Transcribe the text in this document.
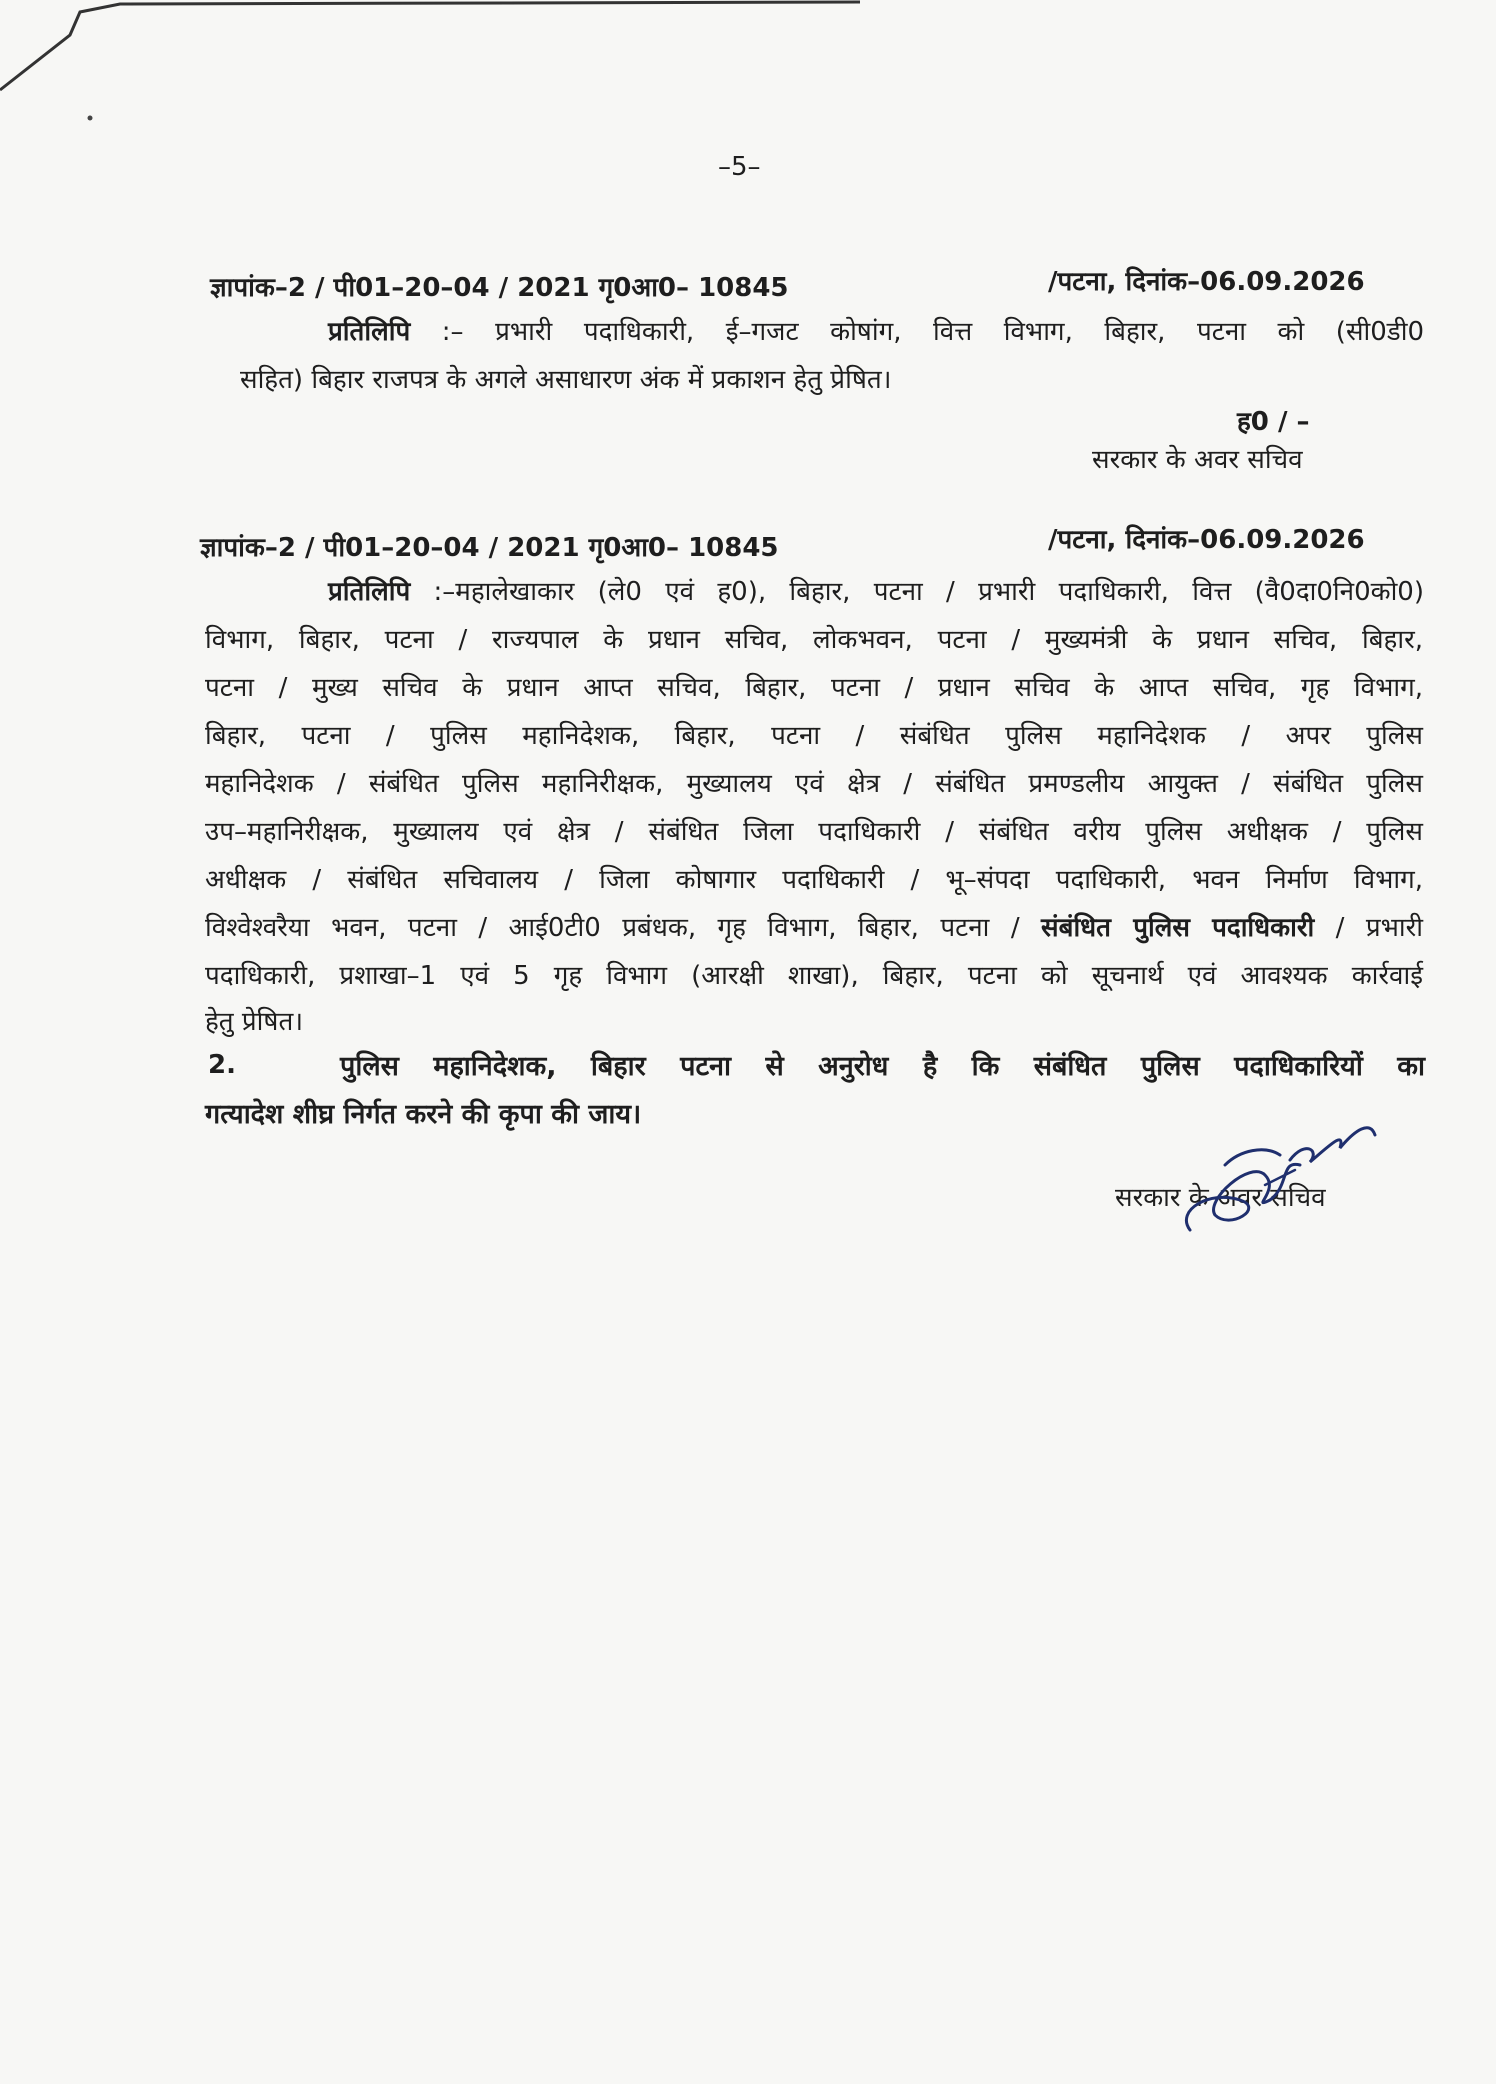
–5–
ज्ञापांक–2 / पी01–20–04 / 2021 गृ0आ0– 10845	/पटना, दिनांक–06.09.2026
प्रतिलिपि :– प्रभारी पदाधिकारी, ई–गजट कोषांग, वित्त विभाग, बिहार, पटना को (सी0डी0
सहित) बिहार राजपत्र के अगले असाधारण अंक में प्रकाशन हेतु प्रेषित।
ह0 / –
सरकार के अवर सचिव
ज्ञापांक–2 / पी01–20–04 / 2021 गृ0आ0– 10845	/पटना, दिनांक–06.09.2026
प्रतिलिपि :–महालेखाकार (ले0 एवं ह0), बिहार, पटना / प्रभारी पदाधिकारी, वित्त (वै0दा0नि0को0)
विभाग, बिहार, पटना / राज्यपाल के प्रधान सचिव, लोकभवन, पटना / मुख्यमंत्री के प्रधान सचिव, बिहार,
पटना / मुख्य सचिव के प्रधान आप्त सचिव, बिहार, पटना / प्रधान सचिव के आप्त सचिव, गृह विभाग,
बिहार, पटना / पुलिस महानिदेशक, बिहार, पटना / संबंधित पुलिस महानिदेशक / अपर पुलिस
महानिदेशक / संबंधित पुलिस महानिरीक्षक, मुख्यालय एवं क्षेत्र / संबंधित प्रमण्डलीय आयुक्त / संबंधित पुलिस
उप–महानिरीक्षक, मुख्यालय एवं क्षेत्र / संबंधित जिला पदाधिकारी / संबंधित वरीय पुलिस अधीक्षक / पुलिस
अधीक्षक / संबंधित सचिवालय / जिला कोषागार पदाधिकारी / भू–संपदा पदाधिकारी, भवन निर्माण विभाग,
विश्वेश्वरैया भवन, पटना / आई0टी0 प्रबंधक, गृह विभाग, बिहार, पटना / संबंधित पुलिस पदाधिकारी / प्रभारी
पदाधिकारी, प्रशाखा–1 एवं 5 गृह विभाग (आरक्षी शाखा), बिहार, पटना को सूचनार्थ एवं आवश्यक कार्रवाई
हेतु प्रेषित।
2.	पुलिस महानिदेशक, बिहार पटना से अनुरोध है कि संबंधित पुलिस पदाधिकारियों का
गत्यादेश शीघ्र निर्गत करने की कृपा की जाय।
सरकार के अवर सचिव
